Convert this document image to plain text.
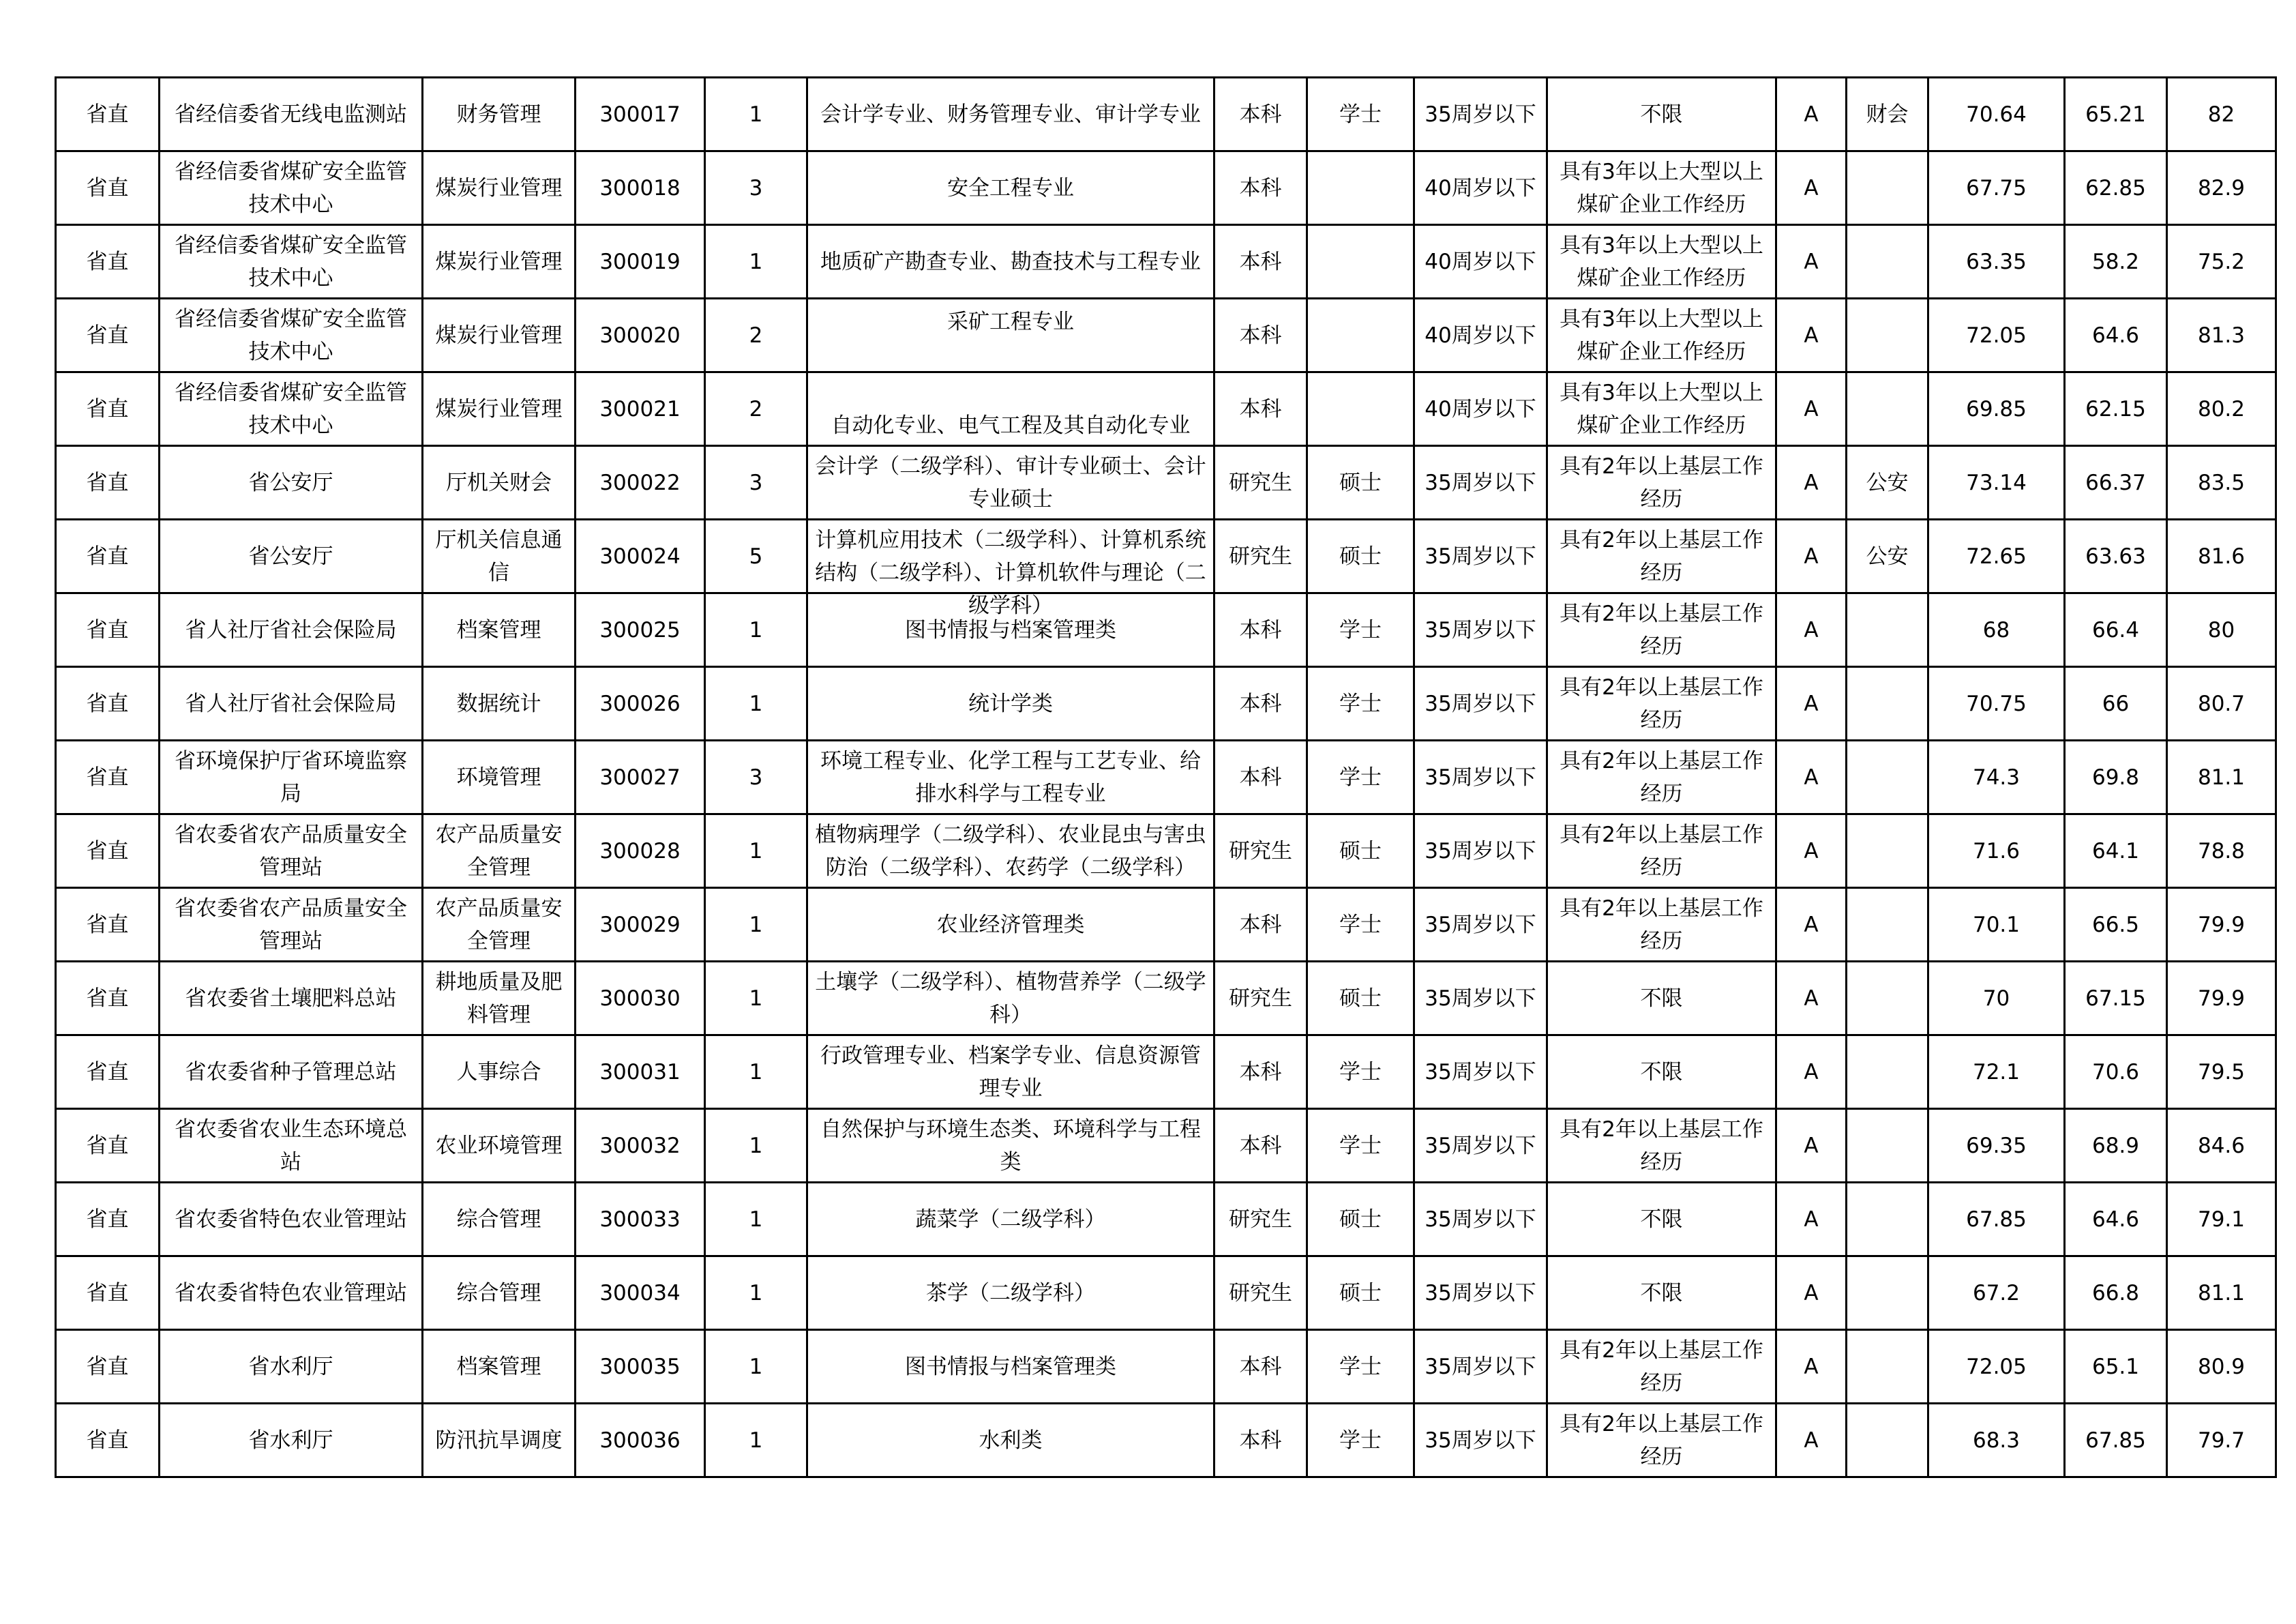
省直	省经信委省无线电监测站	财务管理	300017	1	会计学专业、财务管理专业、审计学专业	本科	学士	35周岁以下	不限	A	财会	70.64	65.21	82

省直	省经信委省煤矿安全监管技术中心	煤炭行业管理	300018	3	安全工程专业	本科		40周岁以下	具有3年以上大型以上煤矿企业工作经历	A		67.75	62.85	82.9

省直	省经信委省煤矿安全监管技术中心	煤炭行业管理	300019	1	地质矿产勘查专业、勘查技术与工程专业	本科		40周岁以下	具有3年以上大型以上煤矿企业工作经历	A		63.35	58.2	75.2

省直	省经信委省煤矿安全监管技术中心	煤炭行业管理	300020	2	采矿工程专业	本科		40周岁以下	具有3年以上大型以上煤矿企业工作经历	A		72.05	64.6	81.3

省直	省经信委省煤矿安全监管技术中心	煤炭行业管理	300021	2	自动化专业、电气工程及其自动化专业	本科		40周岁以下	具有3年以上大型以上煤矿企业工作经历	A		69.85	62.15	80.2

省直	省公安厅	厅机关财会	300022	3	会计学（二级学科）、审计专业硕士、会计专业硕士	研究生	硕士	35周岁以下	具有2年以上基层工作经历	A	公安	73.14	66.37	83.5

省直	省公安厅	厅机关信息通信	300024	5	计算机应用技术（二级学科）、计算机系统结构（二级学科）、计算机软件与理论（二级学科）	研究生	硕士	35周岁以下	具有2年以上基层工作经历	A	公安	72.65	63.63	81.6

省直	省人社厅省社会保险局	档案管理	300025	1	图书情报与档案管理类	本科	学士	35周岁以下	具有2年以上基层工作经历	A		68	66.4	80

省直	省人社厅省社会保险局	数据统计	300026	1	统计学类	本科	学士	35周岁以下	具有2年以上基层工作经历	A		70.75	66	80.7

省直	省环境保护厅省环境监察局	环境管理	300027	3	环境工程专业、化学工程与工艺专业、给排水科学与工程专业	本科	学士	35周岁以下	具有2年以上基层工作经历	A		74.3	69.8	81.1

省直	省农委省农产品质量安全管理站	农产品质量安全管理	300028	1	植物病理学（二级学科）、农业昆虫与害虫防治（二级学科）、农药学（二级学科）	研究生	硕士	35周岁以下	具有2年以上基层工作经历	A		71.6	64.1	78.8

省直	省农委省农产品质量安全管理站	农产品质量安全管理	300029	1	农业经济管理类	本科	学士	35周岁以下	具有2年以上基层工作经历	A		70.1	66.5	79.9

省直	省农委省土壤肥料总站	耕地质量及肥料管理	300030	1	土壤学（二级学科）、植物营养学（二级学科）	研究生	硕士	35周岁以下	不限	A		70	67.15	79.9

省直	省农委省种子管理总站	人事综合	300031	1	行政管理专业、档案学专业、信息资源管理专业	本科	学士	35周岁以下	不限	A		72.1	70.6	79.5

省直	省农委省农业生态环境总站	农业环境管理	300032	1	自然保护与环境生态类、环境科学与工程类	本科	学士	35周岁以下	具有2年以上基层工作经历	A		69.35	68.9	84.6

省直	省农委省特色农业管理站	综合管理	300033	1	蔬菜学（二级学科）	研究生	硕士	35周岁以下	不限	A		67.85	64.6	79.1

省直	省农委省特色农业管理站	综合管理	300034	1	茶学（二级学科）	研究生	硕士	35周岁以下	不限	A		67.2	66.8	81.1

省直	省水利厅	档案管理	300035	1	图书情报与档案管理类	本科	学士	35周岁以下	具有2年以上基层工作经历	A		72.05	65.1	80.9

省直	省水利厅	防汛抗旱调度	300036	1	水利类	本科	学士	35周岁以下	具有2年以上基层工作经历	A		68.3	67.85	79.7
